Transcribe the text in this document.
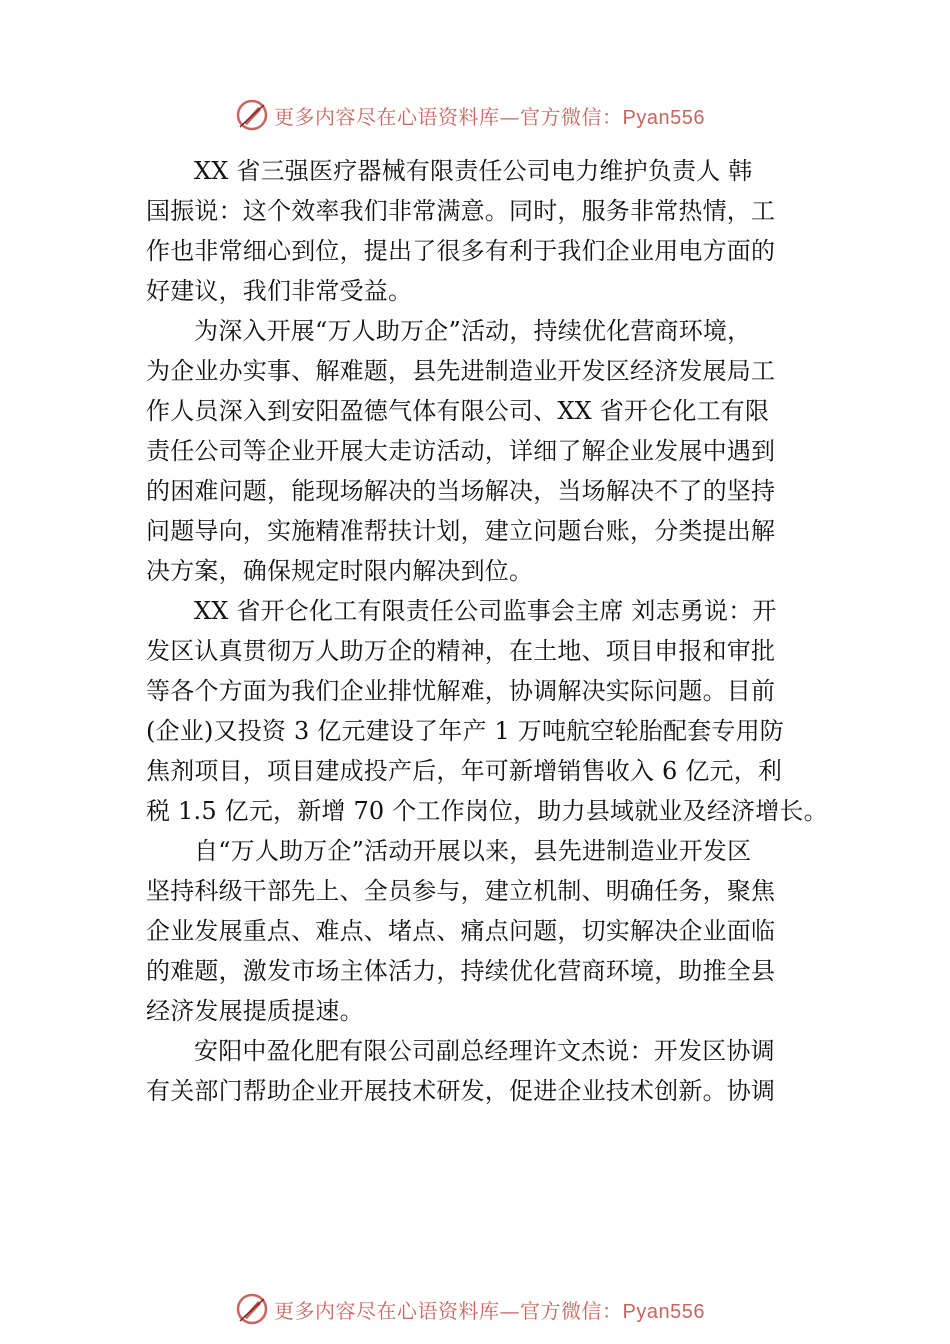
更多内容尽在心语资料库—官方微信：Pyan556
XX 省三强医疗器械有限责任公司电力维护负责人 韩
国振说：这个效率我们非常满意。同时，服务非常热情，工
作也非常细心到位，提出了很多有利于我们企业用电方面的
好建议，我们非常受益。
为深入开展“万人助万企”活动，持续优化营商环境，
为企业办实事、解难题，县先进制造业开发区经济发展局工
作人员深入到安阳盈德气体有限公司、XX 省开仑化工有限
责任公司等企业开展大走访活动，详细了解企业发展中遇到
的困难问题，能现场解决的当场解决，当场解决不了的坚持
问题导向，实施精准帮扶计划，建立问题台账，分类提出解
决方案，确保规定时限内解决到位。
XX 省开仑化工有限责任公司监事会主席 刘志勇说：开
发区认真贯彻万人助万企的精神，在土地、项目申报和审批
等各个方面为我们企业排忧解难，协调解决实际问题。目前
(企业)又投资 3 亿元建设了年产 1 万吨航空轮胎配套专用防
焦剂项目，项目建成投产后，年可新增销售收入 6 亿元，利
税 1.5 亿元，新增 70 个工作岗位，助力县域就业及经济增长。
自“万人助万企”活动开展以来，县先进制造业开发区
坚持科级干部先上、全员参与，建立机制、明确任务，聚焦
企业发展重点、难点、堵点、痛点问题，切实解决企业面临
的难题，激发市场主体活力，持续优化营商环境，助推全县
经济发展提质提速。
安阳中盈化肥有限公司副总经理许文杰说：开发区协调
有关部门帮助企业开展技术研发，促进企业技术创新。协调
更多内容尽在心语资料库—官方微信：Pyan556
